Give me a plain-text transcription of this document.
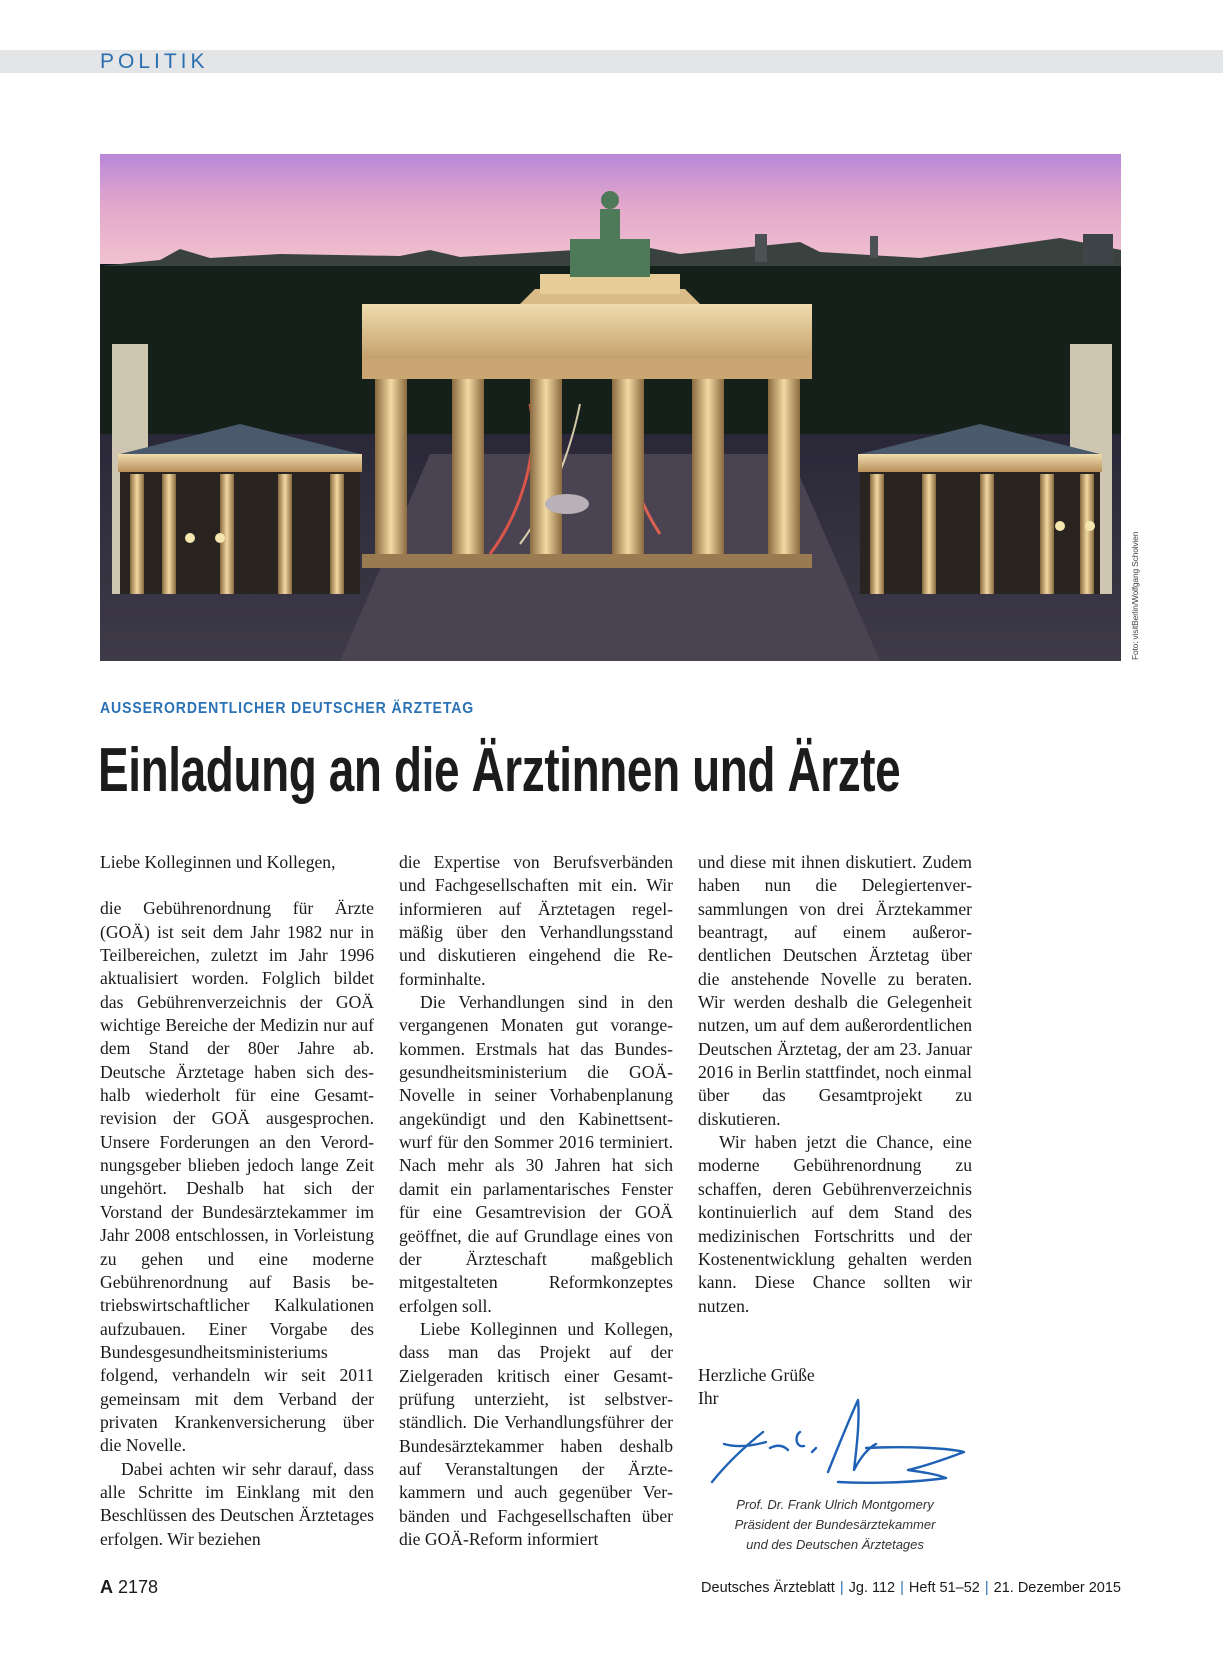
POLITIK
Foto: visitBerlin/Wolfgang Scholvien
AUSSERORDENTLICHER DEUTSCHER ÄRZTETAG
Einladung an die Ärztinnen und Ärzte

Liebe Kolleginnen und Kollegen,

die Gebührenordnung für Ärzte (GOÄ) ist seit dem Jahr 1982 nur in Teilbereichen, zuletzt im Jahr 1996 aktualisiert worden. Folglich bildet das Gebührenverzeichnis der GOÄ wichtige Bereiche der Medizin nur auf dem Stand der 80er Jahre ab. Deutsche Ärztetage haben sich deshalb wiederholt für eine Gesamtrevision der GOÄ ausgesprochen. Unsere Forderungen an den Verordnungsgeber blieben jedoch lange Zeit ungehört. Deshalb hat sich der Vorstand der Bundesärztekammer im Jahr 2008 entschlossen, in Vorleistung zu gehen und eine moderne Gebührenordnung auf Basis betriebswirtschaftlicher Kalkulationen aufzubauen. Einer Vorgabe des Bundesgesundheitsministeriums folgend, verhandeln wir seit 2011 gemeinsam mit dem Verband der privaten Krankenversicherung über die Novelle.

Dabei achten wir sehr darauf, dass alle Schritte im Einklang mit den Beschlüssen des Deutschen Ärztetages erfolgen. Wir beziehen

die Expertise von Berufsverbänden und Fachgesellschaften mit ein. Wir informieren auf Ärztetagen regelmäßig über den Verhandlungsstand und diskutieren eingehend die Reforminhalte.

Die Verhandlungen sind in den vergangenen Monaten gut vorangekommen. Erstmals hat das Bundesgesundheitsministerium die GOÄ-Novelle in seiner Vorhabenplanung angekündigt und den Kabinettsentwurf für den Sommer 2016 terminiert. Nach mehr als 30 Jahren hat sich damit ein parlamentarisches Fenster für eine Gesamtrevision der GOÄ geöffnet, die auf Grundlage eines von der Ärzteschaft maßgeblich mitgestalteten Reformkonzeptes erfolgen soll.

Liebe Kolleginnen und Kollegen, dass man das Projekt auf der Zielgeraden kritisch einer Gesamtprüfung unterzieht, ist selbstverständlich. Die Verhandlungsführer der Bundesärztekammer haben deshalb auf Veranstaltungen der Ärztekammern und auch gegenüber Verbänden und Fachgesellschaften über die GOÄ-Reform informiert

und diese mit ihnen diskutiert. Zudem haben nun die Delegiertenversammlungen von drei Ärztekammer beantragt, auf einem außerordentlichen Deutschen Ärztetag über die anstehende Novelle zu beraten. Wir werden deshalb die Gelegenheit nutzen, um auf dem außerordentlichen Deutschen Ärztetag, der am 23. Januar 2016 in Berlin stattfindet, noch einmal über das Gesamtprojekt zu diskutieren.

Wir haben jetzt die Chance, eine moderne Gebührenordnung zu schaffen, deren Gebührenverzeichnis kontinuierlich auf dem Stand des medizinischen Fortschritts und der Kostenentwicklung gehalten werden kann. Diese Chance sollten wir nutzen.

Herzliche Grüße

Ihr

Prof. Dr. Frank Ulrich Montgomery
Präsident der Bundesärztekammer
und des Deutschen Ärztetages
A 2178	Deutsches Ärzteblatt | Jg. 112 | Heft 51–52 | 21. Dezember 2015
